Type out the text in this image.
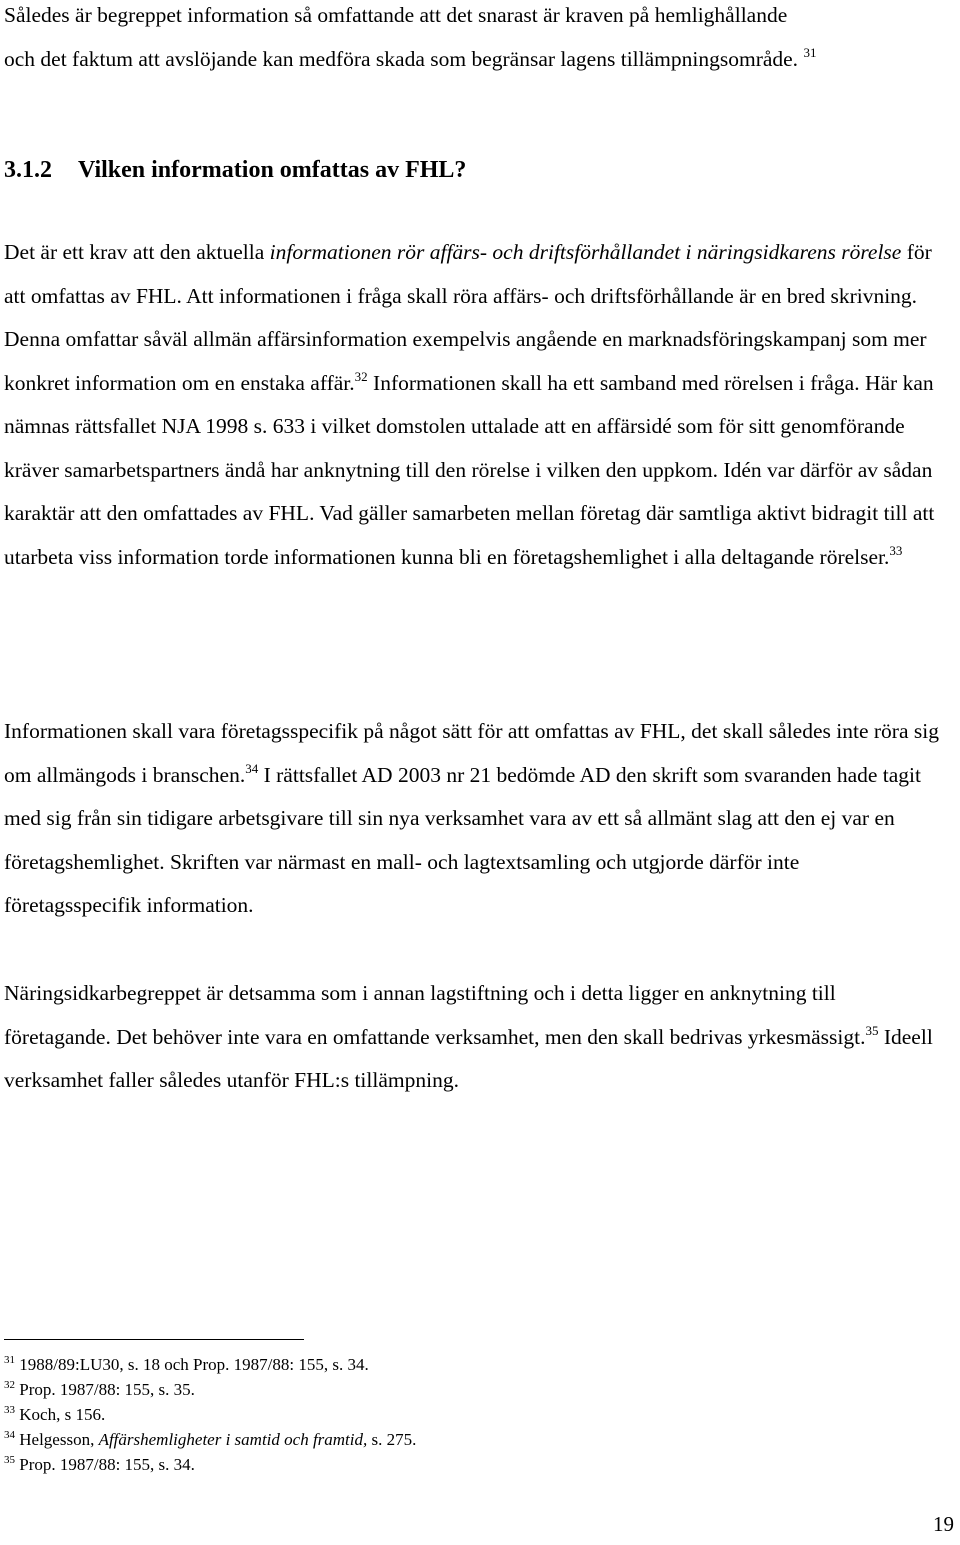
Således är begreppet information så omfattande att det snarast är kraven på hemlighållande
och det faktum att avslöjande kan medföra skada som begränsar lagens tillämpningsområde. $^{31}$

3.1.2 Vilken information omfattas av FHL?

Det är ett krav att den aktuella informationen rör affärs- och driftsförhållandet i näringsidkarens rörelse för att omfattas av FHL. Att informationen i fråga skall röra affärs- och driftsförhållande är en bred skrivning. Denna omfattar såväl allmän affärsinformation exempelvis angående en marknadsföringskampanj som mer konkret information om en enstaka affär.$^{32}$ Informationen skall ha ett samband med rörelsen i fråga. Här kan nämnas rättsfallet NJA 1998 s. 633 i vilket domstolen uttalade att en affärsidé som för sitt genomförande kräver samarbetspartners ändå har anknytning till den rörelse i vilken den uppkom. Idén var därför av sådan karaktär att den omfattades av FHL. Vad gäller samarbeten mellan företag där samtliga aktivt bidragit till att utarbeta viss information torde informationen kunna bli en företagshemlighet i alla deltagande rörelser.$^{33}$

Informationen skall vara företagsspecifik på något sätt för att omfattas av FHL, det skall således inte röra sig om allmängods i branschen.$^{34}$ I rättsfallet AD 2003 nr 21 bedömde AD den skrift som svaranden hade tagit med sig från sin tidigare arbetsgivare till sin nya verksamhet vara av ett så allmänt slag att den ej var en företagshemlighet. Skriften var närmast en mall- och lagtextsamling och utgjorde därför inte företagsspecifik information.

Näringsidkarbegreppet är detsamma som i annan lagstiftning och i detta ligger en anknytning till företagande. Det behöver inte vara en omfattande verksamhet, men den skall bedrivas yrkesmässigt.$^{35}$ Ideell verksamhet faller således utanför FHL:s tillämpning.

$^{31}$ 1988/89:LU30, s. 18 och Prop. 1987/88: 155, s. 34.
$^{32}$ Prop. 1987/88: 155, s. 35.
$^{33}$ Koch, s 156.
$^{34}$ Helgesson, Affärshemligheter i samtid och framtid, s. 275.
$^{35}$ Prop. 1987/88: 155, s. 34.
19
